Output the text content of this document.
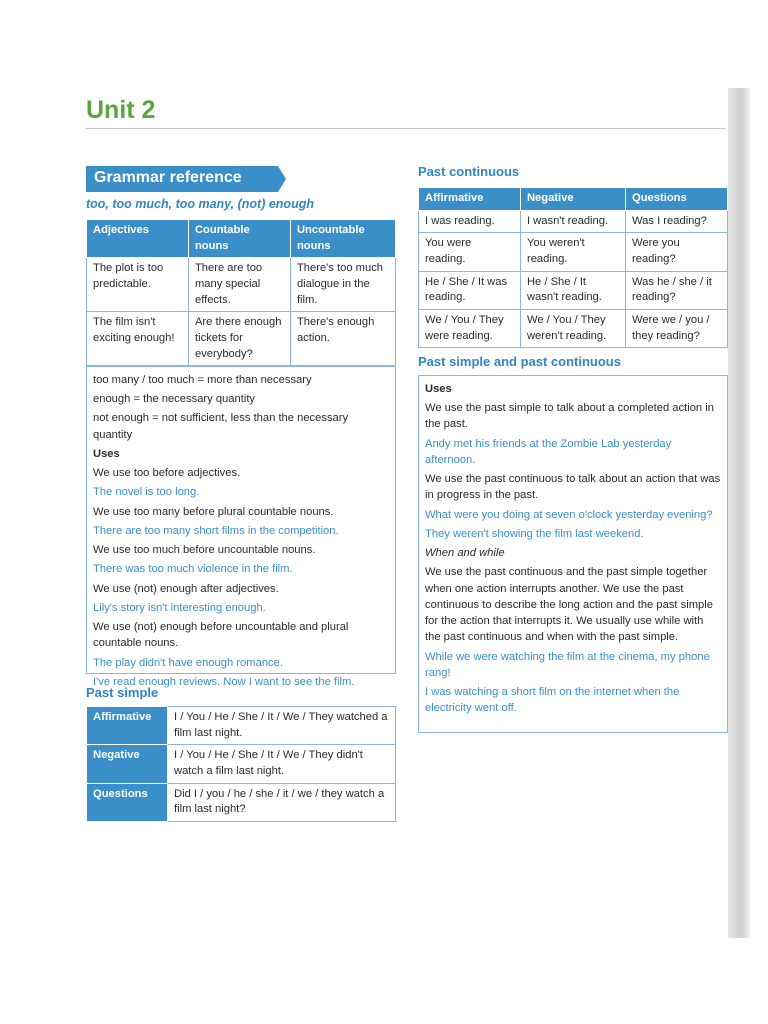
Unit 2
Grammar reference
too, too much, too many, (not) enough
Adjectives	Countable nouns	Uncountable nouns
The plot is too predictable.	There are too many special effects.	There's too much dialogue in the film.
The film isn't exciting enough!	Are there enough tickets for everybody?	There's enough action.

too many / too much = more than necessary

enough = the necessary quantity

not enough = not sufficient, less than the necessary quantity

Uses

We use too before adjectives.

The novel is too long.

We use too many before plural countable nouns.

There are too many short films in the competition.

We use too much before uncountable nouns.

There was too much violence in the film.

We use (not) enough after adjectives.

Lily's story isn't interesting enough.

We use (not) enough before uncountable and plural countable nouns.

The play didn't have enough romance.

I've read enough reviews. Now I want to see the film.

Past simple
Affirmative	I / You / He / She / It / We / They watched a film last night.
Negative	I / You / He / She / It / We / They didn't watch a film last night.
Questions	Did I / you / he / she / it / we / they watch a film last night?
Past continuous
Affirmative	Negative	Questions
I was reading.	I wasn't reading.	Was I reading?
You were reading.	You weren't reading.	Were you reading?
He / She / It was reading.	He / She / It wasn't reading.	Was he / she / it reading?
We / You / They were reading.	We / You / They weren't reading.	Were we / you / they reading?
Past simple and past continuous

Uses

We use the past simple to talk about a completed action in the past.

Andy met his friends at the Zombie Lab yesterday afternoon.

We use the past continuous to talk about an action that was in progress in the past.

What were you doing at seven o'clock yesterday evening?

They weren't showing the film last weekend.

When and while

We use the past continuous and the past simple together when one action interrupts another. We use the past continuous to describe the long action and the past simple for the action that interrupts it. We usually use while with the past continuous and when with the past simple.

While we were watching the film at the cinema, my phone rang!

I was watching a short film on the internet when the electricity went off.
